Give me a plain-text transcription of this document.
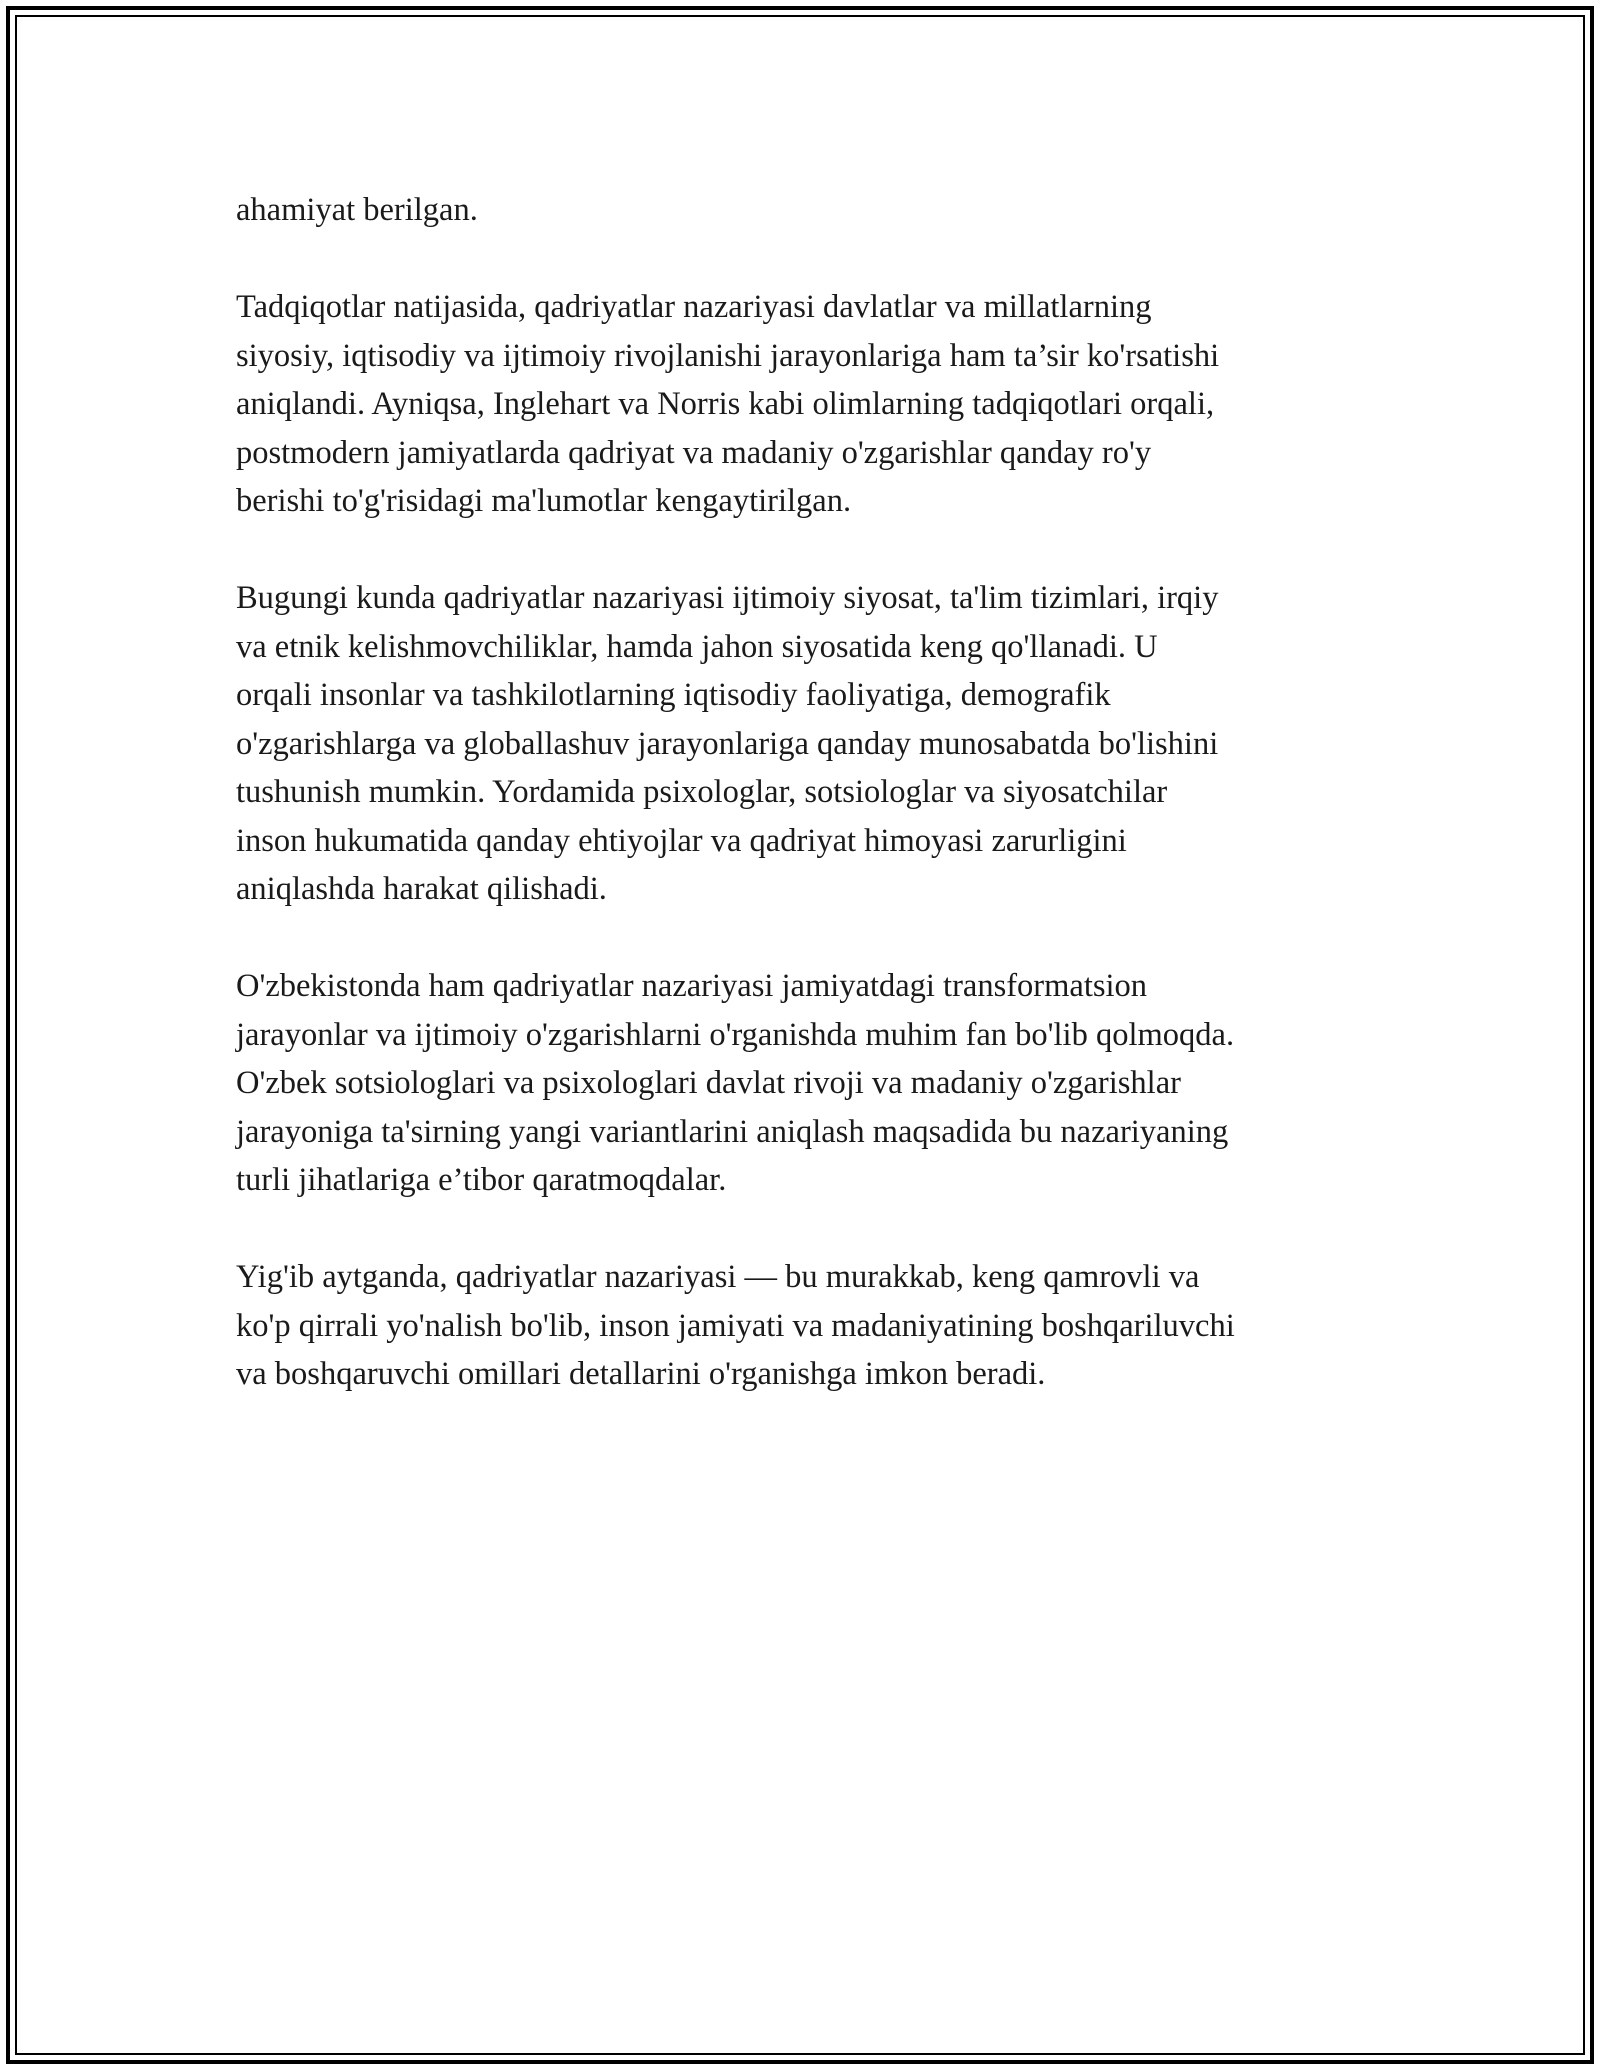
ahamiyat berilgan.

Tadqiqotlar natijasida, qadriyatlar nazariyasi davlatlar va millatlarning
siyosiy, iqtisodiy va ijtimoiy rivojlanishi jarayonlariga ham ta’sir ko'rsatishi
aniqlandi. Ayniqsa, Inglehart va Norris kabi olimlarning tadqiqotlari orqali,
postmodern jamiyatlarda qadriyat va madaniy o'zgarishlar qanday ro'y
berishi to'g'risidagi ma'lumotlar kengaytirilgan.

Bugungi kunda qadriyatlar nazariyasi ijtimoiy siyosat, ta'lim tizimlari, irqiy
va etnik kelishmovchiliklar, hamda jahon siyosatida keng qo'llanadi. U
orqali insonlar va tashkilotlarning iqtisodiy faoliyatiga, demografik
o'zgarishlarga va globallashuv jarayonlariga qanday munosabatda bo'lishini
tushunish mumkin. Yordamida psixologlar, sotsiologlar va siyosatchilar
inson hukumatida qanday ehtiyojlar va qadriyat himoyasi zarurligini
aniqlashda harakat qilishadi.

O'zbekistonda ham qadriyatlar nazariyasi jamiyatdagi transformatsion
jarayonlar va ijtimoiy o'zgarishlarni o'rganishda muhim fan bo'lib qolmoqda.
O'zbek sotsiologlari va psixologlari davlat rivoji va madaniy o'zgarishlar
jarayoniga ta'sirning yangi variantlarini aniqlash maqsadida bu nazariyaning
turli jihatlariga e’tibor qaratmoqdalar.

Yig'ib aytganda, qadriyatlar nazariyasi — bu murakkab, keng qamrovli va
ko'p qirrali yo'nalish bo'lib, inson jamiyati va madaniyatining boshqariluvchi
va boshqaruvchi omillari detallarini o'rganishga imkon beradi.
